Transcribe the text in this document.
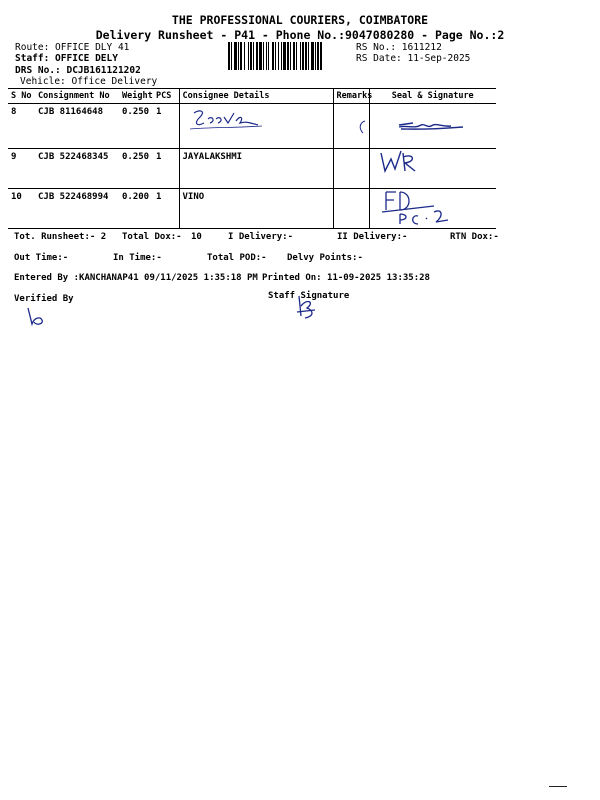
THE PROFESSIONAL COURIERS, COIMBATORE
Delivery Runsheet - P41 - Phone No.:9047080280 - Page No.:2
Route: OFFICE DLY 41
Staff: OFFICE DELY
DRS No.: DCJB161121202
Vehicle: Office Delivery
RS No.: 1611212
RS Date: 11-Sep-2025
S No	Consignment No	Weight	PCS	Consignee Details	Remarks	Seal & Signature
8	CJB 81164648	0.250	1			
9	CJB 522468345	0.250	1	JAYALAKSHMI		
10	CJB 522468994	0.200	1	VINO		
Tot. Runsheet:- 2 Total Dox:- 10	I Delivery:-	II Delivery:-	RTN Dox:-
Out Time:-	In Time:-	Total POD:- Delvy Points:-
Entered By :KANCHANAP41 09/11/2025 1:35:18 PM Printed On: 11-09-2025 13:35:28
Verified By	Staff Signature
